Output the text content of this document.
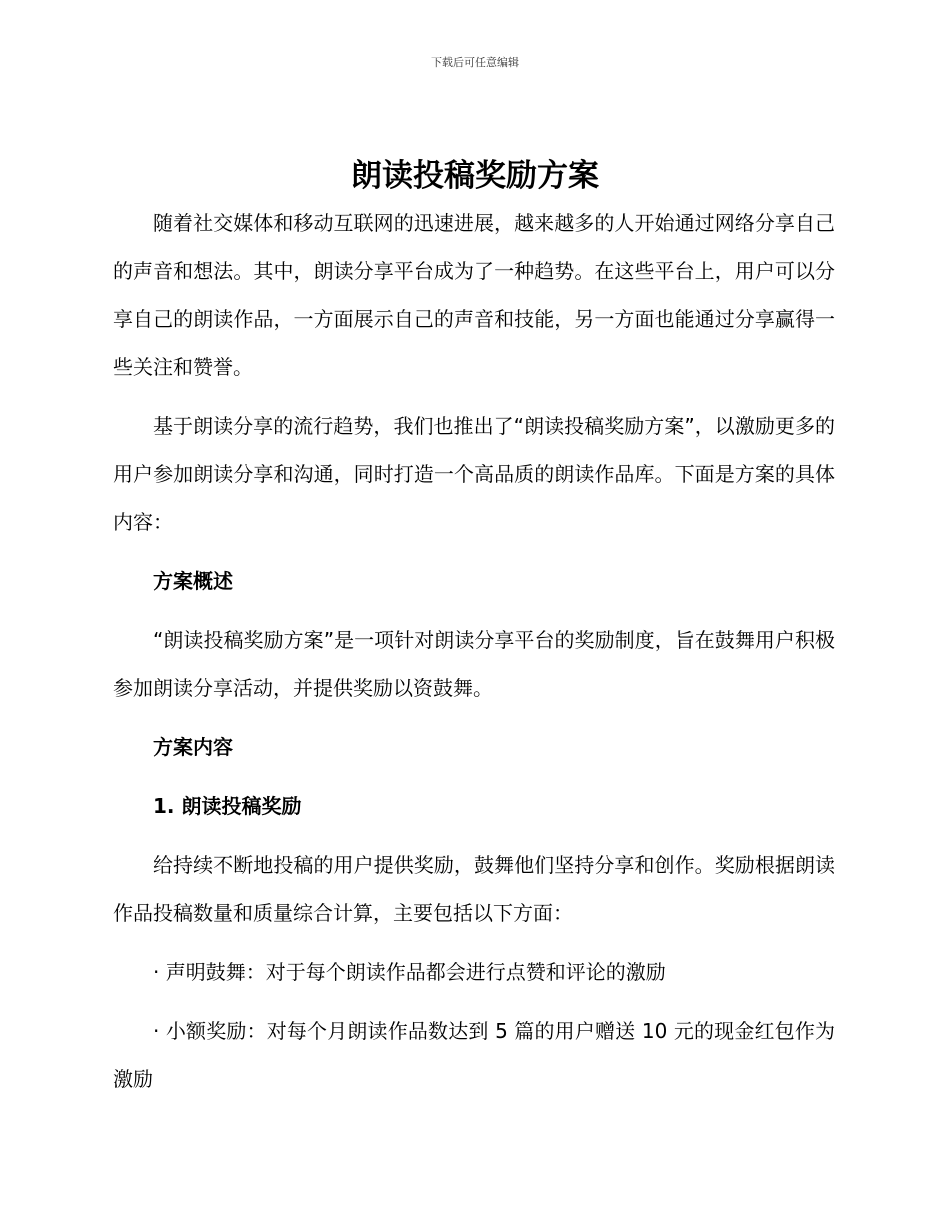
下载后可任意编辑
朗读投稿奖励方案

随着社交媒体和移动互联网的迅速进展，越来越多的人开始通过网络分享自己的声音和想法。其中，朗读分享平台成为了一种趋势。在这些平台上，用户可以分享自己的朗读作品，一方面展示自己的声音和技能，另一方面也能通过分享赢得一些关注和赞誉。

基于朗读分享的流行趋势，我们也推出了“朗读投稿奖励方案”，以激励更多的用户参加朗读分享和沟通，同时打造一个高品质的朗读作品库。下面是方案的具体内容：

方案概述

“朗读投稿奖励方案”是一项针对朗读分享平台的奖励制度，旨在鼓舞用户积极参加朗读分享活动，并提供奖励以资鼓舞。

方案内容

1. 朗读投稿奖励

给持续不断地投稿的用户提供奖励，鼓舞他们坚持分享和创作。奖励根据朗读作品投稿数量和质量综合计算，主要包括以下方面：

· 声明鼓舞：对于每个朗读作品都会进行点赞和评论的激励

· 小额奖励：对每个月朗读作品数达到 5 篇的用户赠送 10 元的现金红包作为激励
